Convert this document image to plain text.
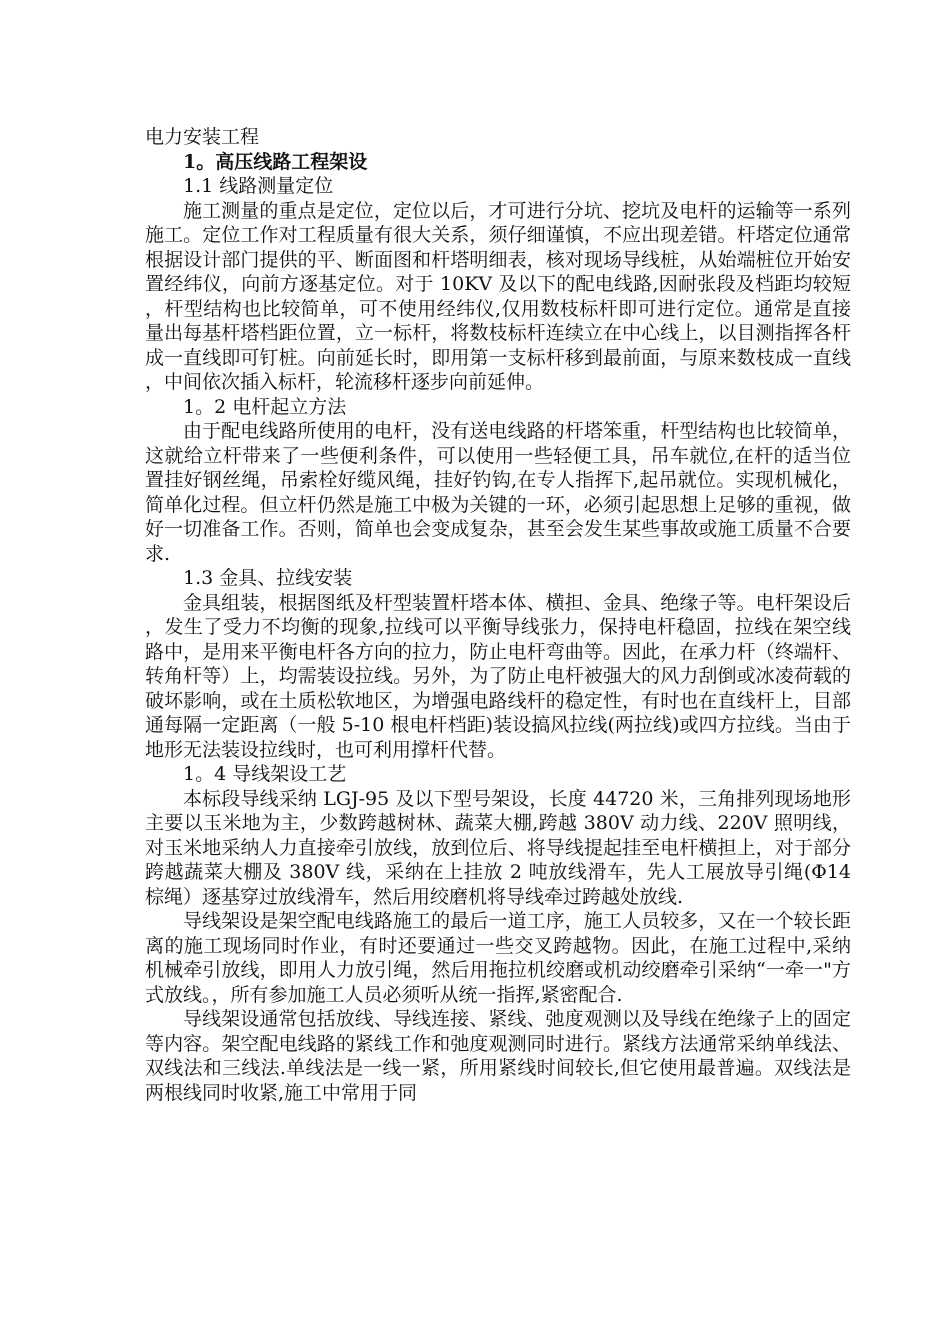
电力安装工程

1。高压线路工程架设

1.1 线路测量定位

施工测量的重点是定位，定位以后，才可进行分坑、挖坑及电杆的运输等一系列施工。定位工作对工程质量有很大关系，须仔细谨慎，不应出现差错。杆塔定位通常根据设计部门提供的平、断面图和杆塔明细表，核对现场导线桩，从始端桩位开始安置经纬仪，向前方逐基定位。对于 10KV 及以下的配电线路,因耐张段及档距均较短，杆型结构也比较简单，可不使用经纬仪,仅用数枝标杆即可进行定位。通常是直接量出每基杆塔档距位置，立一标杆，将数枝标杆连续立在中心线上，以目测指挥各杆成一直线即可钉桩。向前延长时，即用第一支标杆移到最前面，与原来数枝成一直线，中间依次插入标杆，轮流移杆逐步向前延伸。

1。2 电杆起立方法

由于配电线路所使用的电杆，没有送电线路的杆塔笨重，杆型结构也比较简单，这就给立杆带来了一些便利条件，可以使用一些轻便工具，吊车就位,在杆的适当位置挂好钢丝绳，吊索栓好缆风绳，挂好钓钩,在专人指挥下,起吊就位。实现机械化，简单化过程。但立杆仍然是施工中极为关键的一环，必须引起思想上足够的重视，做好一切准备工作。否则，简单也会变成复杂，甚至会发生某些事故或施工质量不合要求.

1.3 金具、拉线安装

金具组装，根据图纸及杆型装置杆塔本体、横担、金具、绝缘子等。电杆架设后，发生了受力不均衡的现象,拉线可以平衡导线张力，保持电杆稳固，拉线在架空线路中，是用来平衡电杆各方向的拉力，防止电杆弯曲等。因此，在承力杆（终端杆、转角杆等）上，均需装设拉线。另外，为了防止电杆被强大的风力刮倒或冰凌荷载的破坏影响，或在土质松软地区，为增强电路线杆的稳定性，有时也在直线杆上，目部通每隔一定距离（一般 5-10 根电杆档距)装设搞风拉线(两拉线)或四方拉线。当由于地形无法装设拉线时，也可利用撑杆代替。

1。4 导线架设工艺

本标段导线采纳 LGJ-95 及以下型号架设，长度 44720 米，三角排列现场地形主要以玉米地为主，少数跨越树林、蔬菜大棚,跨越 380V 动力线、220V 照明线，对玉米地采纳人力直接牵引放线，放到位后、将导线提起挂至电杆横担上，对于部分跨越蔬菜大棚及 380V 线，采纳在上挂放 2 吨放线滑车，先人工展放导引绳(Φ14 棕绳）逐基穿过放线滑车，然后用绞磨机将导线牵过跨越处放线.

导线架设是架空配电线路施工的最后一道工序，施工人员较多，又在一个较长距离的施工现场同时作业，有时还要通过一些交叉跨越物。因此，在施工过程中,采纳机械牵引放线，即用人力放引绳，然后用拖拉机绞磨或机动绞磨牵引采纳“一牵一"方式放线。，所有参加施工人员必须听从统一指挥,紧密配合.

导线架设通常包括放线、导线连接、紧线、弛度观测以及导线在绝缘子上的固定等内容。架空配电线路的紧线工作和弛度观测同时进行。紧线方法通常采纳单线法、双线法和三线法.单线法是一线一紧，所用紧线时间较长,但它使用最普遍。双线法是两根线同时收紧,施工中常用于同
